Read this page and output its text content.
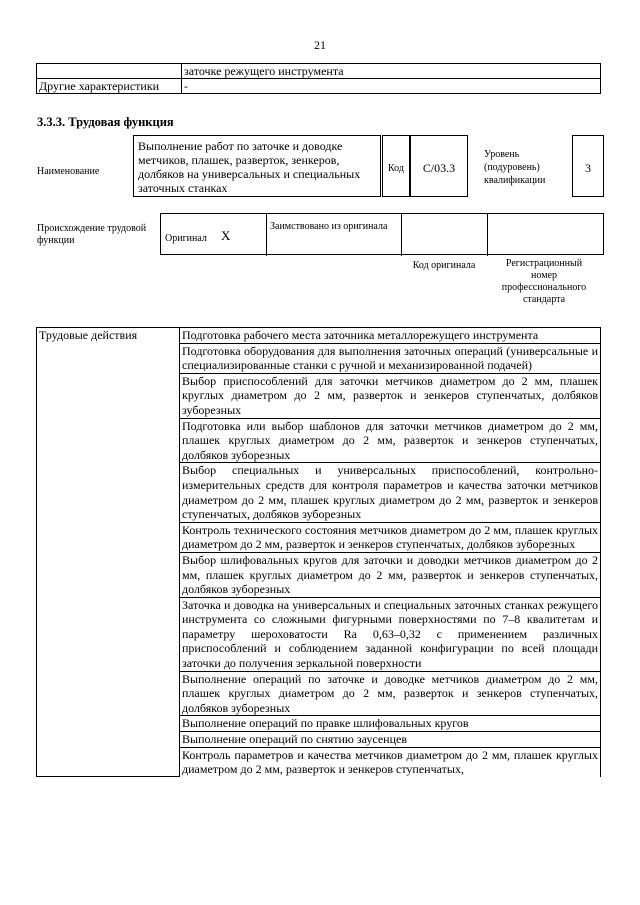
21
	заточке режущего инструмента
Другие характеристики	-
3.3.3. Трудовая функция
Наименование
Выполнение работ по заточке и доводке метчиков, плашек, разверток, зенкеров, долбяков на универсальных и специальных заточных станках
Код	С/03.3
Уровень (подуровень) квалификации
3
Происхождение трудовой функции	Оригинал	X
Заимствовано из оригинала
Код оригинала	Регистрационный номер профессионального стандарта
Трудовые действия	Подготовка рабочего места заточника металлорежущего инструмента
Подготовка оборудования для выполнения заточных операций (универсальные и специализированные станки с ручной и механизированной подачей)
Выбор приспособлений для заточки метчиков диаметром до 2 мм, плашек круглых диаметром до 2 мм, разверток и зенкеров ступенчатых, долбяков зуборезных
Подготовка или выбор шаблонов для заточки метчиков диаметром до 2 мм, плашек круглых диаметром до 2 мм, разверток и зенкеров ступенчатых, долбяков зуборезных
Выбор специальных и универсальных приспособлений, контрольно-измерительных средств для контроля параметров и качества заточки метчиков диаметром до 2 мм, плашек круглых диаметром до 2 мм, разверток и зенкеров ступенчатых, долбяков зуборезных
Контроль технического состояния метчиков диаметром до 2 мм, плашек круглых диаметром до 2 мм, разверток и зенкеров ступенчатых, долбяков зуборезных
Выбор шлифовальных кругов для заточки и доводки метчиков диаметром до 2 мм, плашек круглых диаметром до 2 мм, разверток и зенкеров ступенчатых, долбяков зуборезных
Заточка и доводка на универсальных и специальных заточных станках режущего инструмента со сложными фигурными поверхностями по 7–8 квалитетам и параметру шероховатости Ra 0,63–0,32 с применением различных приспособлений и соблюдением заданной конфигурации по всей площади заточки до получения зеркальной поверхности
Выполнение операций по заточке и доводке метчиков диаметром до 2 мм, плашек круглых диаметром до 2 мм, разверток и зенкеров ступенчатых, долбяков зуборезных
Выполнение операций по правке шлифовальных кругов
Выполнение операций по снятию заусенцев
Контроль параметров и качества метчиков диаметром до 2 мм, плашек круглых диаметром до 2 мм, разверток и зенкеров ступенчатых,
